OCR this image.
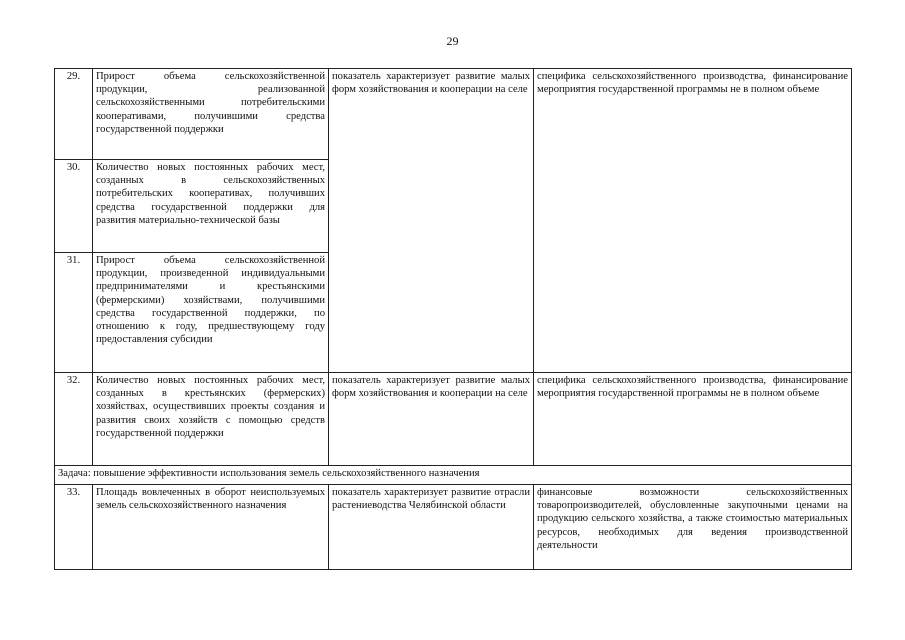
29
29.	Прирост объема сельскохозяйственной продукции, реализованной сельскохозяйственными потребительскими кооперативами, получившими средства государственной поддержки	показатель характеризует развитие малых форм хозяйствования и кооперации на селе	специфика сельскохозяйственного производства, финансирование мероприятия государственной программы не в полном объеме
30.	Количество новых постоянных рабочих мест, созданных в сельскохозяйственных потребительских кооперативах, получивших средства государственной поддержки для развития материально-технической базы		
31.	Прирост объема сельскохозяйственной продукции, произведенной индивидуальными предпринимателями и крестьянскими (фермерскими) хозяйствами, получившими средства государственной поддержки, по отношению к году, предшествующему году предоставления субсидии		
32.	Количество новых постоянных рабочих мест, созданных в крестьянских (фермерских) хозяйствах, осуществивших проекты создания и развития своих хозяйств с помощью средств государственной поддержки	показатель характеризует развитие малых форм хозяйствования и кооперации на селе	специфика сельскохозяйственного производства, финансирование мероприятия государственной программы не в полном объеме
Задача: повышение эффективности использования земель сельскохозяйственного назначения			
33.	Площадь вовлеченных в оборот неиспользуемых земель сельскохозяйственного назначения	показатель характеризует развитие отрасли растениеводства Челябинской области	финансовые возможности сельскохозяйственных товаропроизводителей, обусловленные закупочными ценами на продукцию сельского хозяйства, а также стоимостью материальных ресурсов, необходимых для ведения производственной деятельности
